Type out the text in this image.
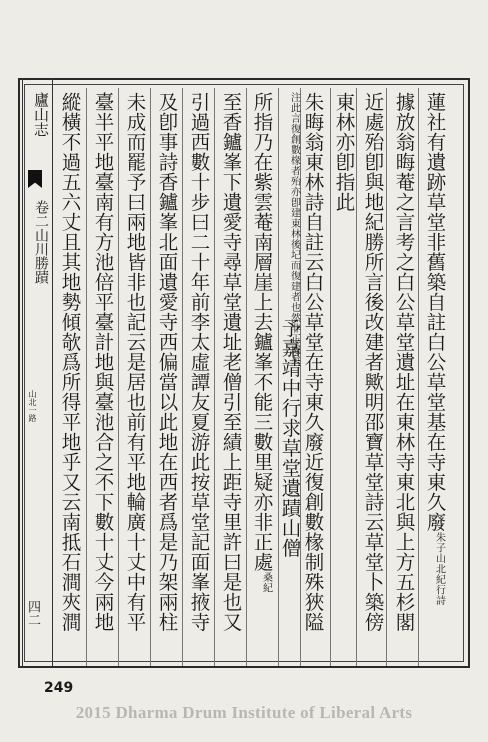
廬山志
卷二山川勝蹟
山北一路
四二
蓮社有遺跡草堂非舊築自註白公草堂基在寺東久廢朱子山北紀行詩
據放翁晦菴之言考之白公草堂遺址在東林寺東北與上方五杉閣
近處殆卽與地紀勝所言後改建者歟明邵寶草堂詩云草堂卜築傍
東林亦卽指此
朱晦翁東林詩自註云白公草堂在寺東久廢近復創數椽制殊狹隘
注此言復創數椽者殆亦卽建東林後圮而復建者也然非正處矣予嘉靖中行求草堂遺蹟山僧
所指乃在紫雲菴南層崖上去鑪峯不能三數里疑亦非正處桑紀
至香鑪峯下遺愛寺尋草堂遺址老僧引至績上距寺里許曰是也又
引過西數十步曰二十年前李太虛譚友夏游此按草堂記面峯掖寺
及卽事詩香鑪峯北面遺愛寺西偏當以此地在西者爲是乃架兩柱
未成而罷予曰兩地皆非也記云是居也前有平地輪廣十丈中有平
臺半平地臺南有方池倍平臺計地與臺池合之不下數十丈今兩地
縱橫不過五六丈且其地勢傾欹爲所得平地乎又云南抵石澗夾澗
249
2015 Dharma Drum Institute of Liberal Arts
